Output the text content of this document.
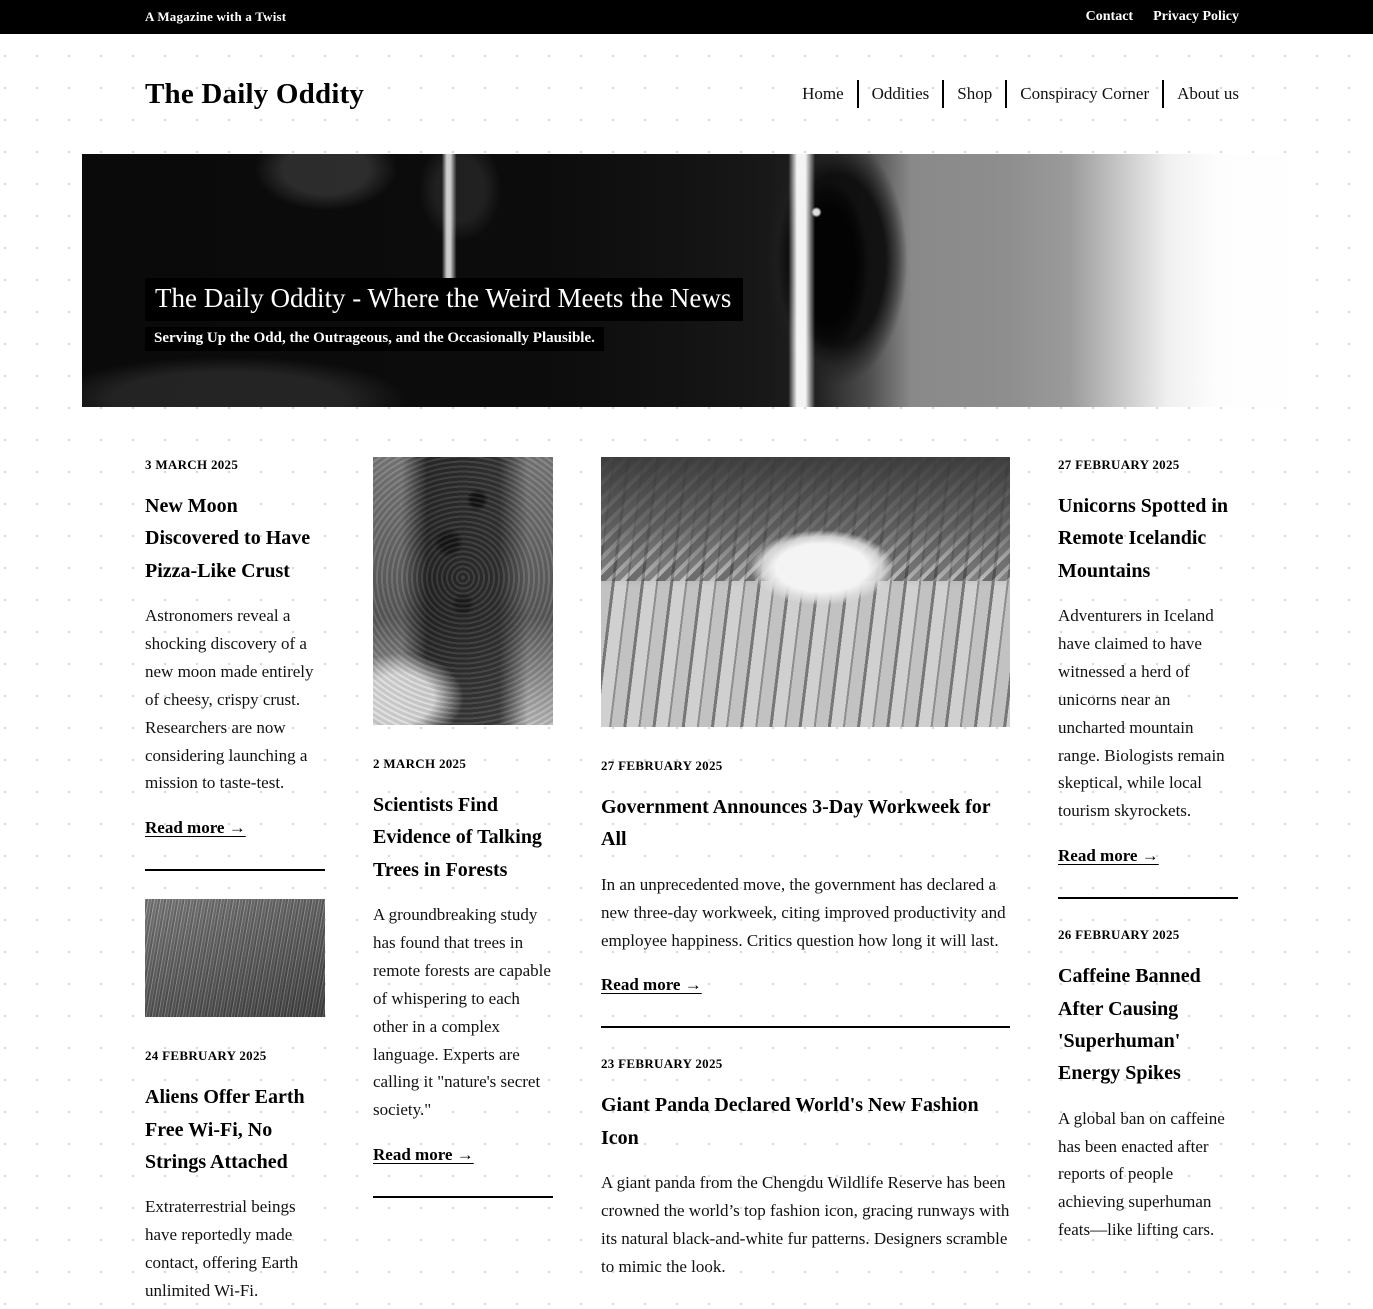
A Magazine with a Twist	Contact Privacy Policy
The Daily Oddity	Home Oddities Shop Conspiracy Corner About us
The Daily Oddity - Where the Weird Meets the News
Serving Up the Odd, the Outrageous, and the Occasionally Plausible.
3 MARCH 2025
New Moon Discovered to Have Pizza-Like Crust

Astronomers reveal a shocking discovery of a new moon made entirely of cheesy, crispy crust. Researchers are now considering launching a mission to taste-test.

Read more →
24 FEBRUARY 2025
Aliens Offer Earth Free Wi-Fi, No Strings Attached

Extraterrestrial beings have reportedly made contact, offering Earth unlimited Wi-Fi.

2 MARCH 2025
Scientists Find Evidence of Talking Trees in Forests

A groundbreaking study has found that trees in remote forests are capable of whispering to each other in a complex language. Experts are calling it "nature's secret society."

Read more →
27 FEBRUARY 2025
Government Announces 3-Day Workweek for All

In an unprecedented move, the government has declared a new three-day workweek, citing improved productivity and employee happiness. Critics question how long it will last.

Read more →
23 FEBRUARY 2025
Giant Panda Declared World's New Fashion Icon

A giant panda from the Chengdu Wildlife Reserve has been crowned the world’s top fashion icon, gracing runways with its natural black-and-white fur patterns. Designers scramble to mimic the look.

27 FEBRUARY 2025
Unicorns Spotted in Remote Icelandic Mountains

Adventurers in Iceland have claimed to have witnessed a herd of unicorns near an uncharted mountain range. Biologists remain skeptical, while local tourism skyrockets.

Read more →
26 FEBRUARY 2025
Caffeine Banned After Causing 'Superhuman' Energy Spikes

A global ban on caffeine has been enacted after reports of people achieving superhuman feats—like lifting cars.
